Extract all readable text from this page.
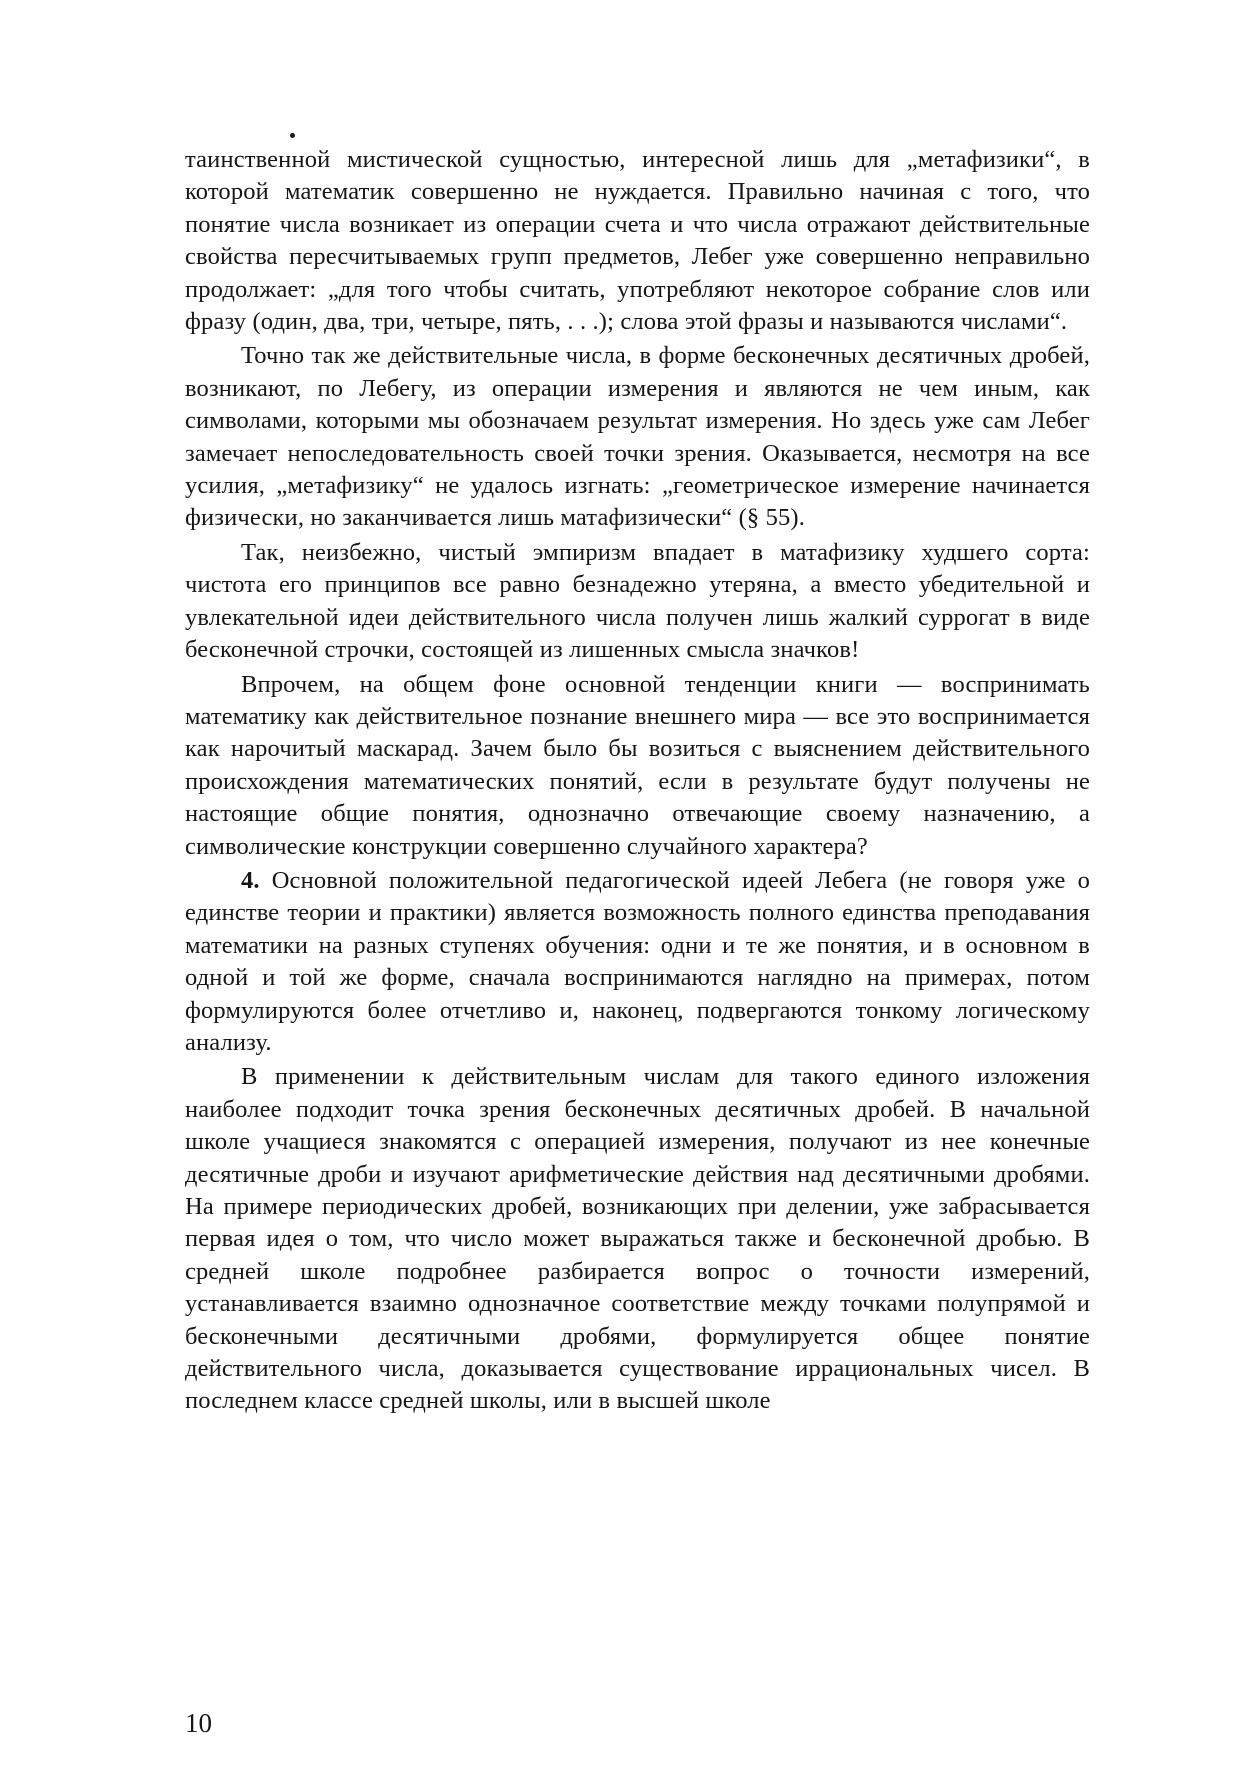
таинственной мистической сущностью, интересной лишь для „метафизики“, в которой математик совершенно не нуждается. Правильно начиная с того, что понятие числа возникает из операции счета и что числа отражают действительные свойства пересчитываемых групп предметов, Лебег уже совершенно неправильно продолжает: „для того чтобы считать, употребляют некоторое собрание слов или фразу (один, два, три, четыре, пять, . . .); слова этой фразы и называются числами“.

Точно так же действительные числа, в форме бесконечных десятичных дробей, возникают, по Лебегу, из операции измерения и являются не чем иным, как символами, которыми мы обозначаем результат измерения. Но здесь уже сам Лебег замечает непоследовательность своей точки зрения. Оказывается, несмотря на все усилия, „метафизику“ не удалось изгнать: „геометрическое измерение начинается физически, но заканчивается лишь матафизически“ (§ 55).

Так, неизбежно, чистый эмпиризм впадает в матафизику худшего сорта: чистота его принципов все равно безнадежно утеряна, а вместо убедительной и увлекательной идеи действительного числа получен лишь жалкий суррогат в виде бесконечной строчки, состоящей из лишенных смысла значков!

Впрочем, на общем фоне основной тенденции книги — воспринимать математику как действительное познание внешнего мира — все это воспринимается как нарочитый маскарад. Зачем было бы возиться с выяснением действительного происхождения математических понятий, если в результате будут получены не настоящие общие понятия, однозначно отвечающие своему назначению, а символические конструкции совершенно случайного характера?

4. Основной положительной педагогической идеей Лебега (не говоря уже о единстве теории и практики) является возможность полного единства преподавания математики на разных ступенях обучения: одни и те же понятия, и в основном в одной и той же форме, сначала воспринимаются наглядно на примерах, потом формулируются более отчетливо и, наконец, подвергаются тонкому логическому анализу.

В применении к действительным числам для такого единого изложения наиболее подходит точка зрения бесконечных десятичных дробей. В начальной школе учащиеся знакомятся с операцией измерения, получают из нее конечные десятичные дроби и изучают арифметические действия над десятичными дробями. На примере периодических дробей, возникающих при делении, уже забрасывается первая идея о том, что число может выражаться также и бесконечной дробью. В средней школе подробнее разбирается вопрос о точности измерений, устанавливается взаимно однозначное соответствие между точками полупрямой и бесконечными десятичными дробями, формулируется общее понятие действительного числа, доказывается существование иррациональных чисел. В последнем классе средней школы, или в высшей школе

10
